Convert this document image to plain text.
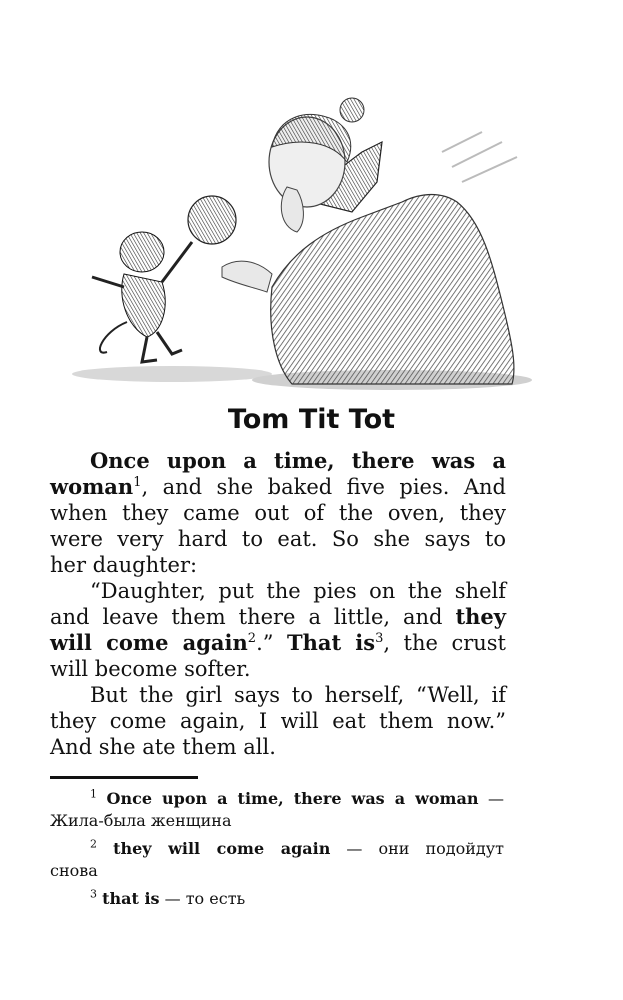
Tom Tit Tot
Once upon a time, there was a
woman$^1$, and she baked five pies. And
when they came out of the oven, they
were very hard to eat. So she says to
her daughter:
“Daughter, put the pies on the shelf
and leave them there a little, and they
will come again$^2$.” That $is^3$, the crust
will become softer.
But the girl says to herself, “Well, if
they come again, I will eat them now.”
And she ate them all.
$^1$ Once upon a time, there was a woman —
Жила-была женщина
$^2$ they will come again — они подойдут
снова
$^3$ that is — то есть
